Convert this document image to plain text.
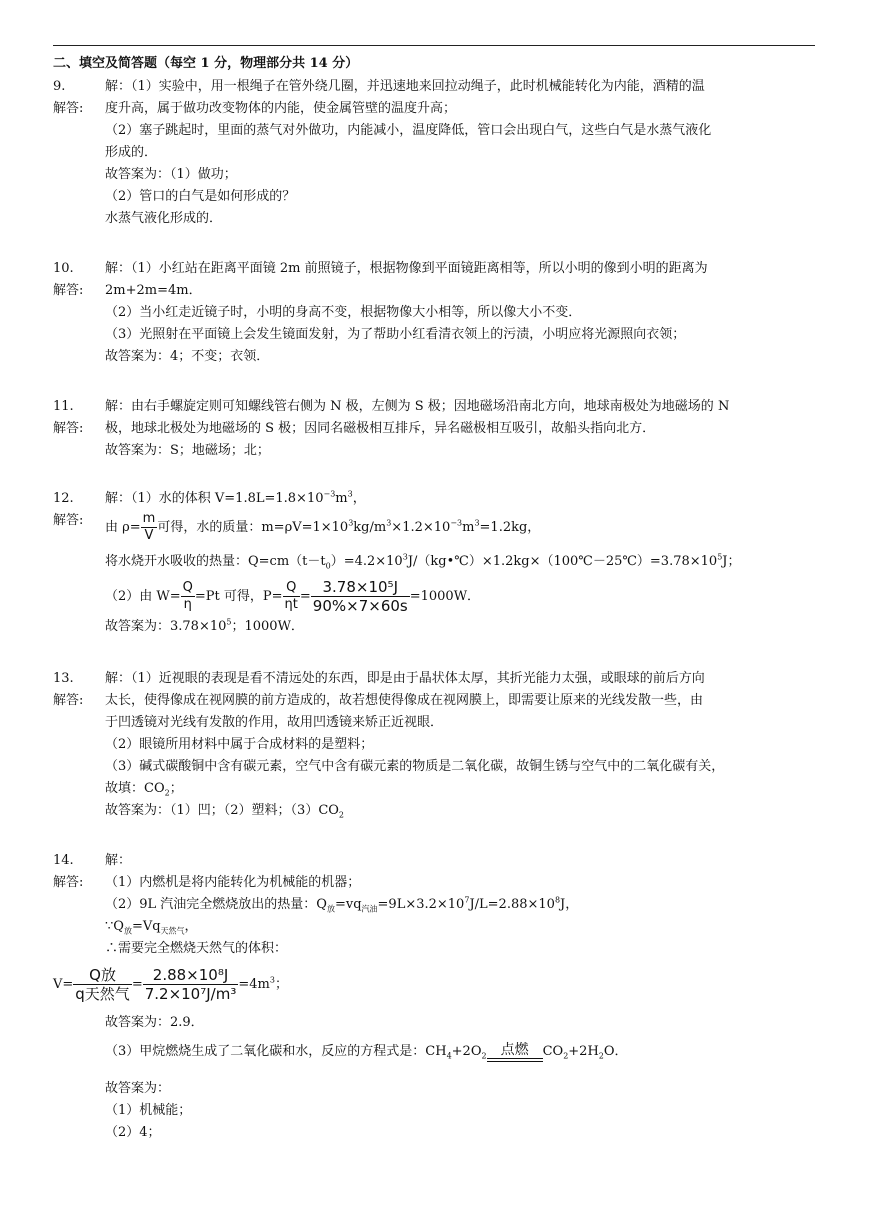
二、填空及简答题（每空 1 分，物理部分共 14 分）
9.
解答:
解：（1）实验中，用一根绳子在管外绕几圈，并迅速地来回拉动绳子，此时机械能转化为内能，酒精的温
度升高，属于做功改变物体的内能，使金属管壁的温度升高；
（2）塞子跳起时，里面的蒸气对外做功，内能减小，温度降低，管口会出现白气，这些白气是水蒸气液化
形成的．
故答案为：（1）做功；
（2）管口的白气是如何形成的？
水蒸气液化形成的．
10.
解答:
解：（1）小红站在距离平面镜 2m 前照镜子，根据物像到平面镜距离相等，所以小明的像到小明的距离为
2m+2m=4m．
（2）当小红走近镜子时，小明的身高不变，根据物像大小相等，所以像大小不变．
（3）光照射在平面镜上会发生镜面发射，为了帮助小红看清衣领上的污渍，小明应将光源照向衣领；
故答案为：4；不变；衣领．
11.
解答:
解：由右手螺旋定则可知螺线管右侧为 N 极，左侧为 S 极；因地磁场沿南北方向，地球南极处为地磁场的 N
极，地球北极处为地磁场的 S 极；因同名磁极相互排斥，异名磁极相互吸引，故船头指向北方．
故答案为：S；地磁场；北；
12.
解答:
解：（1）水的体积 $V=1.8L=1.8\times 10^{-3}m^3$，
由 $\rho= \frac{m}{V}$ 可得，水的质量：$m=\rho V=1\times 10^3kg/m^3\times 1.2\times 10^{-3}m^3=1.2kg$，
将水烧开水吸收的热量：$Q=cm(t-t_0)=4.2\times 10^3J/(kg•℃)\times 1.2kg\times(100℃-25℃)=3.78\times 10^5J$；
（2）由 $W= \frac{Q}{\eta} =Pt$ 可得，$P= \frac{Q}{\eta t} = \frac{\text{3.78×10⁵J}}{90\%\times 7\times 60s} =1000W$．
故答案为：$3.78\times 10^5$；1000W．
13.
解答:
解：（1）近视眼的表现是看不清远处的东西，即是由于晶状体太厚，其折光能力太强，或眼球的前后方向
太长，使得像成在视网膜的前方造成的，故若想使得像成在视网膜上，即需要让原来的光线发散一些，由
于凹透镜对光线有发散的作用，故用凹透镜来矫正近视眼．
（2）眼镜所用材料中属于合成材料的是塑料；
（3）碱式碳酸铜中含有碳元素，空气中含有碳元素的物质是二氧化碳，故铜生锈与空气中的二氧化碳有关，
故填：$CO_2$；
故答案为：（1）凹；（2）塑料；$(3)CO_2$
14.
解答:
解：
（1）内燃机是将内能转化为机械能的机器；
（2）9L 汽油完全燃烧放出的热量：$Q_放=vq_{汽油}=9L\times 3.2\times 10^7J/L=2.88\times 10^8J$，
$\because Q_放=Vq_{天然气}$，
∴需要完全燃烧天然气的体积：
$V= \frac{\text{Q放}}{\text{q天然气}} = \frac{\text{2.88×10⁸J}}{\text{7.2×10⁷J/m³}} =4m^3$；
故答案为：2.9．
（3）甲烷燃烧生成了二氧化碳和水，反应的方程式是：$CH_4+2O_2$	点燃	$CO_2+2H_2O$．
故答案为：
（1）机械能；
（2）4；
